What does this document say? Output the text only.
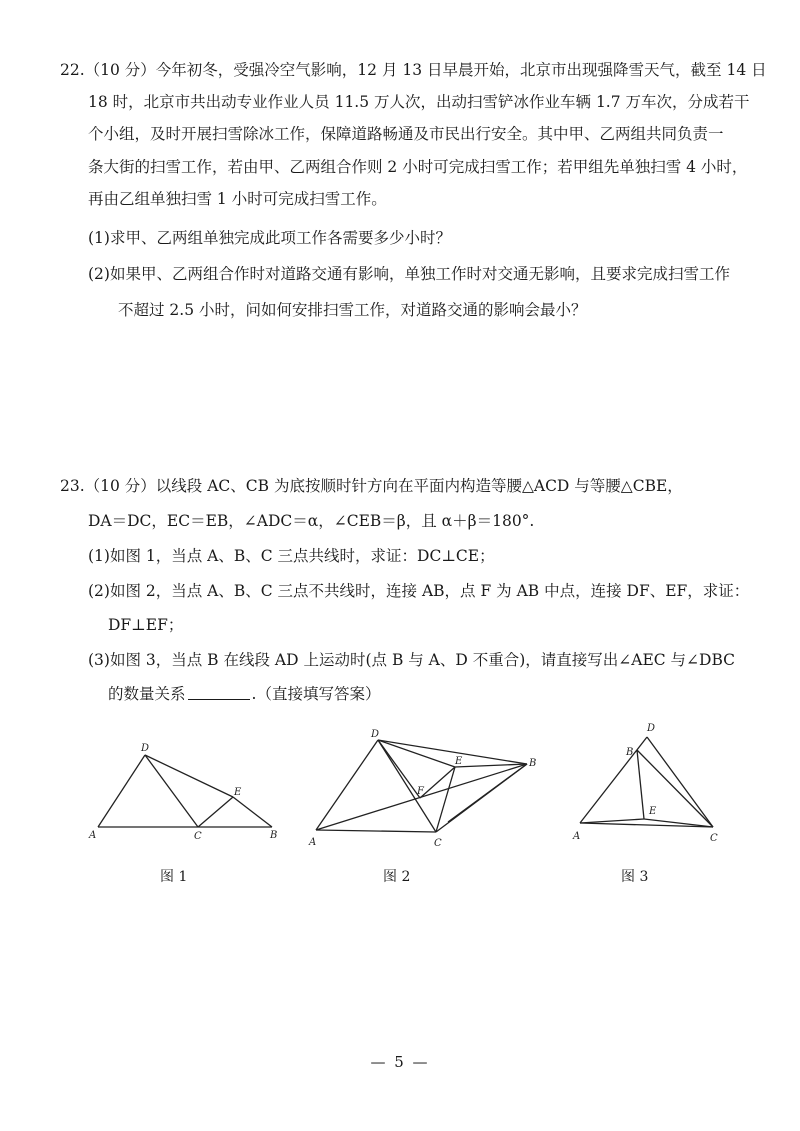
22.（10 分）今年初冬，受强冷空气影响，12 月 13 日早晨开始，北京市出现强降雪天气，截至 14 日
18 时，北京市共出动专业作业人员 11.5 万人次，出动扫雪铲冰作业车辆 1.7 万车次，分成若干
个小组，及时开展扫雪除冰工作，保障道路畅通及市民出行安全。其中甲、乙两组共同负责一
条大街的扫雪工作，若由甲、乙两组合作则 2 小时可完成扫雪工作；若甲组先单独扫雪 4 小时，
再由乙组单独扫雪 1 小时可完成扫雪工作。
(1)求甲、乙两组单独完成此项工作各需要多少小时？
(2)如果甲、乙两组合作时对道路交通有影响，单独工作时对交通无影响，且要求完成扫雪工作
不超过 2.5 小时，问如何安排扫雪工作，对道路交通的影响会最小？
23.（10 分）以线段 AC、CB 为底按顺时针方向在平面内构造等腰△ACD 与等腰△CBE，
DA＝DC，EC＝EB，∠ADC＝α，∠CEB＝β，且 α＋β＝180°.
(1)如图 1，当点 A、B、C 三点共线时，求证：DC⊥CE；
(2)如图 2，当点 A、B、C 三点不共线时，连接 AB，点 F 为 AB 中点，连接 DF、EF，求证：
DF⊥EF；
(3)如图 3，当点 B 在线段 AD 上运动时(点 B 与 A、D 不重合)，请直接写出∠AEC 与∠DBC
的数量关系	.（直接填写答案）
D
E
A	C	B
图 1
D
E	B
F
A	C
图 2
D
B
E
A	C
图 3
— 5 —
